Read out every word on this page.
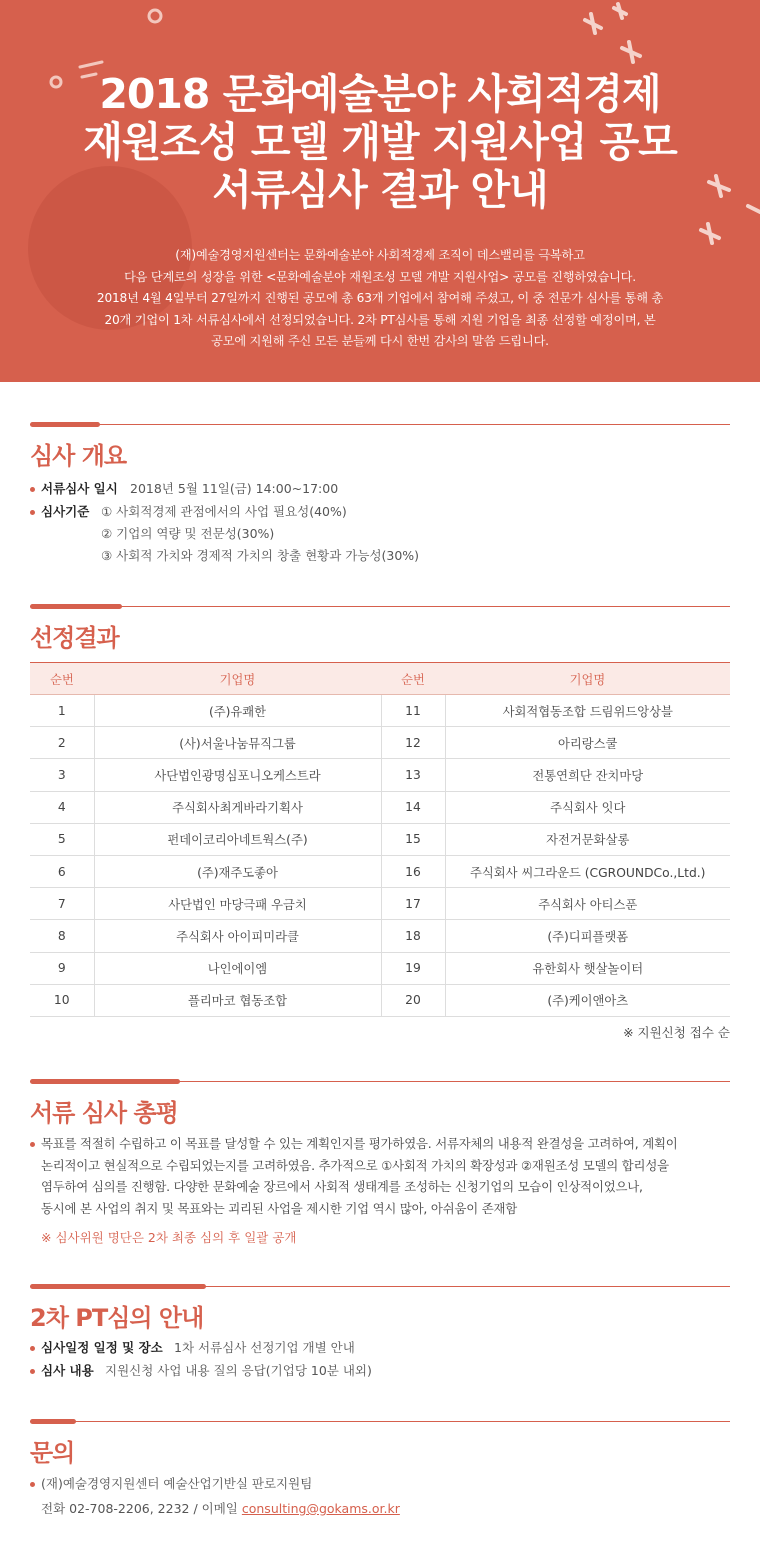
2018 문화예술분야 사회적경제
재원조성 모델 개발 지원사업 공모
서류심사 결과 안내
(재)예술경영지원센터는 문화예술분야 사회적경제 조직이 데스밸리를 극복하고
다음 단계로의 성장을 위한 <문화예술분야 재원조성 모델 개발 지원사업> 공모를 진행하였습니다.
2018년 4월 4일부터 27일까지 진행된 공모에 총 63개 기업에서 참여해 주셨고, 이 중 전문가 심사를 통해 총
20개 기업이 1차 서류심사에서 선정되었습니다. 2차 PT심사를 통해 지원 기업을 최종 선정할 예정이며, 본
공모에 지원해 주신 모든 분들께 다시 한번 감사의 말씀 드립니다.
심사 개요
서류심사 일시 2018년 5월 11일(금) 14:00~17:00
심사기준 ① 사회적경제 관점에서의 사업 필요성(40%)
② 기업의 역량 및 전문성(30%)
③ 사회적 가치와 경제적 가치의 창출 현황과 가능성(30%)
선정결과
순번	기업명	순번	기업명
1	(주)유쾌한	11	사회적협동조합 드림위드앙상블
2	(사)서울나눔뮤직그룹	12	아리랑스쿨
3	사단법인광명심포니오케스트라	13	전통연희단 잔치마당
4	주식회사최게바라기획사	14	주식회사 잇다
5	펀데이코리아네트웍스(주)	15	자전거문화살롱
6	(주)재주도좋아	16	주식회사 씨그라운드 (CGROUNDCo.,Ltd.)
7	사단법인 마당극패 우금치	17	주식회사 아티스푼
8	주식회사 아이피미라클	18	(주)디피플랫폼
9	나인에이엠	19	유한회사 햇살놀이터
10	플리마코 협동조합	20	(주)케이앤아츠
※ 지원신청 접수 순
서류 심사 총평
목표를 적절히 수립하고 이 목표를 달성할 수 있는 계획인지를 평가하였음. 서류자체의 내용적 완결성을 고려하여, 계획이
논리적이고 현실적으로 수립되었는지를 고려하였음. 추가적으로 ①사회적 가치의 확장성과 ②재원조성 모델의 합리성을
염두하여 심의를 진행함. 다양한 문화예술 장르에서 사회적 생태계를 조성하는 신청기업의 모습이 인상적이었으나,
동시에 본 사업의 취지 및 목표와는 괴리된 사업을 제시한 기업 역시 많아, 아쉬움이 존재함
※ 심사위원 명단은 2차 최종 심의 후 일괄 공개
2차 PT심의 안내
심사일정 일정 및 장소 1차 서류심사 선정기업 개별 안내
심사 내용 지원신청 사업 내용 질의 응답(기업당 10분 내외)
문의
(재)예술경영지원센터 예술산업기반실 판로지원팀
전화 02-708-2206, 2232 / 이메일 consulting@gokams.or.kr
